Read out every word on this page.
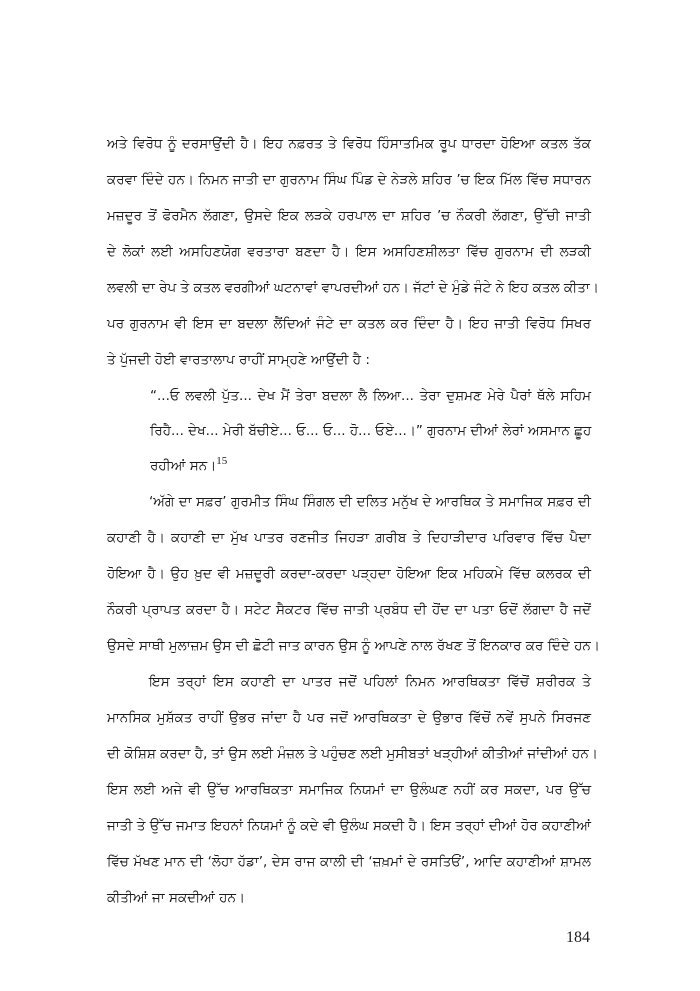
ਅਤੇ ਵਿਰੋਧ ਨੂੰ ਦਰਸਾਉਂਦੀ ਹੈ। ਇਹ ਨਫ਼ਰਤ ਤੇ ਵਿਰੋਧ ਹਿੰਸਾਤਮਿਕ ਰੂਪ ਧਾਰਦਾ ਹੋਇਆ ਕਤਲ ਤੱਕ
ਕਰਵਾ ਦਿੰਦੇ ਹਨ। ਨਿਮਨ ਜਾਤੀ ਦਾ ਗੁਰਨਾਮ ਸਿੰਘ ਪਿੰਡ ਦੇ ਨੇੜਲੇ ਸ਼ਹਿਰ ’ਚ ਇਕ ਮਿੱਲ ਵਿੱਚ ਸਧਾਰਨ
ਮਜ਼ਦੂਰ ਤੋਂ ਫੋਰਮੈਨ ਲੱਗਣਾ, ਉਸਦੇ ਇਕ ਲੜਕੇ ਹਰਪਾਲ ਦਾ ਸ਼ਹਿਰ ’ਚ ਨੌਕਰੀ ਲੱਗਣਾ, ਉੱਚੀ ਜਾਤੀ
ਦੇ ਲੋਕਾਂ ਲਈ ਅਸਹਿਣਯੋਗ ਵਰਤਾਰਾ ਬਣਦਾ ਹੈ। ਇਸ ਅਸਹਿਣਸ਼ੀਲਤਾ ਵਿੱਚ ਗੁਰਨਾਮ ਦੀ ਲੜਕੀ
ਲਵਲੀ ਦਾ ਰੇਪ ਤੇ ਕਤਲ ਵਰਗੀਆਂ ਘਟਨਾਵਾਂ ਵਾਪਰਦੀਆਂ ਹਨ। ਜੱਟਾਂ ਦੇ ਮੁੰਡੇ ਜੰਟੇ ਨੇ ਇਹ ਕਤਲ ਕੀਤਾ।
ਪਰ ਗੁਰਨਾਮ ਵੀ ਇਸ ਦਾ ਬਦਲਾ ਲੈਂਦਿਆਂ ਜੰਟੇ ਦਾ ਕਤਲ ਕਰ ਦਿੰਦਾ ਹੈ। ਇਹ ਜਾਤੀ ਵਿਰੋਧ ਸਿਖਰ
ਤੇ ਪੁੱਜਦੀ ਹੋਈ ਵਾਰਤਾਲਾਪ ਰਾਹੀਂ ਸਾਮ੍ਹਣੇ ਆਉਂਦੀ ਹੈ :
“...ਓ ਲਵਲੀ ਪੁੱਤ... ਦੇਖ ਮੈਂ ਤੇਰਾ ਬਦਲਾ ਲੈ ਲਿਆ... ਤੇਰਾ ਦੁਸ਼ਮਣ ਮੇਰੇ ਪੈਰਾਂ ਥੱਲੇ ਸਹਿਮ
ਰਿਹੈ... ਦੇਖ... ਮੇਰੀ ਬੱਚੀਏ... ਓ... ਓ... ਹੋ... ਓਏ...।” ਗੁਰਨਾਮ ਦੀਆਂ ਲੇਰਾਂ ਅਸਮਾਨ ਛੂਹ
ਰਹੀਆਂ ਸਨ।$^{15}$
‘ਅੱਗੇ ਦਾ ਸਫ਼ਰ’ ਗੁਰਮੀਤ ਸਿੰਘ ਸਿੰਗਲ ਦੀ ਦਲਿਤ ਮਨੁੱਖ ਦੇ ਆਰਥਿਕ ਤੇ ਸਮਾਜਿਕ ਸਫ਼ਰ ਦੀ
ਕਹਾਣੀ ਹੈ। ਕਹਾਣੀ ਦਾ ਮੁੱਖ ਪਾਤਰ ਰਣਜੀਤ ਜਿਹੜਾ ਗ਼ਰੀਬ ਤੇ ਦਿਹਾੜੀਦਾਰ ਪਰਿਵਾਰ ਵਿੱਚ ਪੈਦਾ
ਹੋਇਆ ਹੈ। ਉਹ ਖ਼ੁਦ ਵੀ ਮਜ਼ਦੂਰੀ ਕਰਦਾ-ਕਰਦਾ ਪੜ੍ਹਦਾ ਹੋਇਆ ਇਕ ਮਹਿਕਮੇ ਵਿੱਚ ਕਲਰਕ ਦੀ
ਨੌਕਰੀ ਪ੍ਰਾਪਤ ਕਰਦਾ ਹੈ। ਸਟੇਟ ਸੈਕਟਰ ਵਿੱਚ ਜਾਤੀ ਪ੍ਰਬੰਧ ਦੀ ਹੋਂਦ ਦਾ ਪਤਾ ਓਦੋਂ ਲੱਗਦਾ ਹੈ ਜਦੋਂ
ਉਸਦੇ ਸਾਥੀ ਮੁਲਾਜ਼ਮ ਉਸ ਦੀ ਛੋਟੀ ਜਾਤ ਕਾਰਨ ਉਸ ਨੂੰ ਆਪਣੇ ਨਾਲ ਰੱਖਣ ਤੋਂ ਇਨਕਾਰ ਕਰ ਦਿੰਦੇ ਹਨ।
ਇਸ ਤਰ੍ਹਾਂ ਇਸ ਕਹਾਣੀ ਦਾ ਪਾਤਰ ਜਦੋਂ ਪਹਿਲਾਂ ਨਿਮਨ ਆਰਥਿਕਤਾ ਵਿੱਚੋਂ ਸ਼ਰੀਰਕ ਤੇ
ਮਾਨਸਿਕ ਮੁਸ਼ੱਕਤ ਰਾਹੀਂ ਉਭਰ ਜਾਂਦਾ ਹੈ ਪਰ ਜਦੋਂ ਆਰਥਿਕਤਾ ਦੇ ਉਭਾਰ ਵਿੱਚੋਂ ਨਵੇਂ ਸੁਪਨੇ ਸਿਰਜਣ
ਦੀ ਕੋਸ਼ਿਸ਼ ਕਰਦਾ ਹੈ, ਤਾਂ ਉਸ ਲਈ ਮੰਜ਼ਲ ਤੇ ਪਹੁੰਚਣ ਲਈ ਮੁਸੀਬਤਾਂ ਖੜ੍ਹੀਆਂ ਕੀਤੀਆਂ ਜਾਂਦੀਆਂ ਹਨ।
ਇਸ ਲਈ ਅਜੇ ਵੀ ਉੱਚ ਆਰਥਿਕਤਾ ਸਮਾਜਿਕ ਨਿਯਮਾਂ ਦਾ ਉਲੰਘਣ ਨਹੀਂ ਕਰ ਸਕਦਾ, ਪਰ ਉੱਚ
ਜਾਤੀ ਤੇ ਉੱਚ ਜਮਾਤ ਇਹਨਾਂ ਨਿਯਮਾਂ ਨੂੰ ਕਦੇ ਵੀ ਉਲੰਘ ਸਕਦੀ ਹੈ। ਇਸ ਤਰ੍ਹਾਂ ਦੀਆਂ ਹੋਰ ਕਹਾਣੀਆਂ
ਵਿੱਚ ਮੱਖਣ ਮਾਨ ਦੀ ‘ਲੋਹਾ ਹੱਡਾ’, ਦੇਸ ਰਾਜ ਕਾਲੀ ਦੀ ‘ਜ਼ਖ਼ਮਾਂ ਦੇ ਰਸਤਿਓਂ’, ਆਦਿ ਕਹਾਣੀਆਂ ਸ਼ਾਮਲ
ਕੀਤੀਆਂ ਜਾ ਸਕਦੀਆਂ ਹਨ।
184
